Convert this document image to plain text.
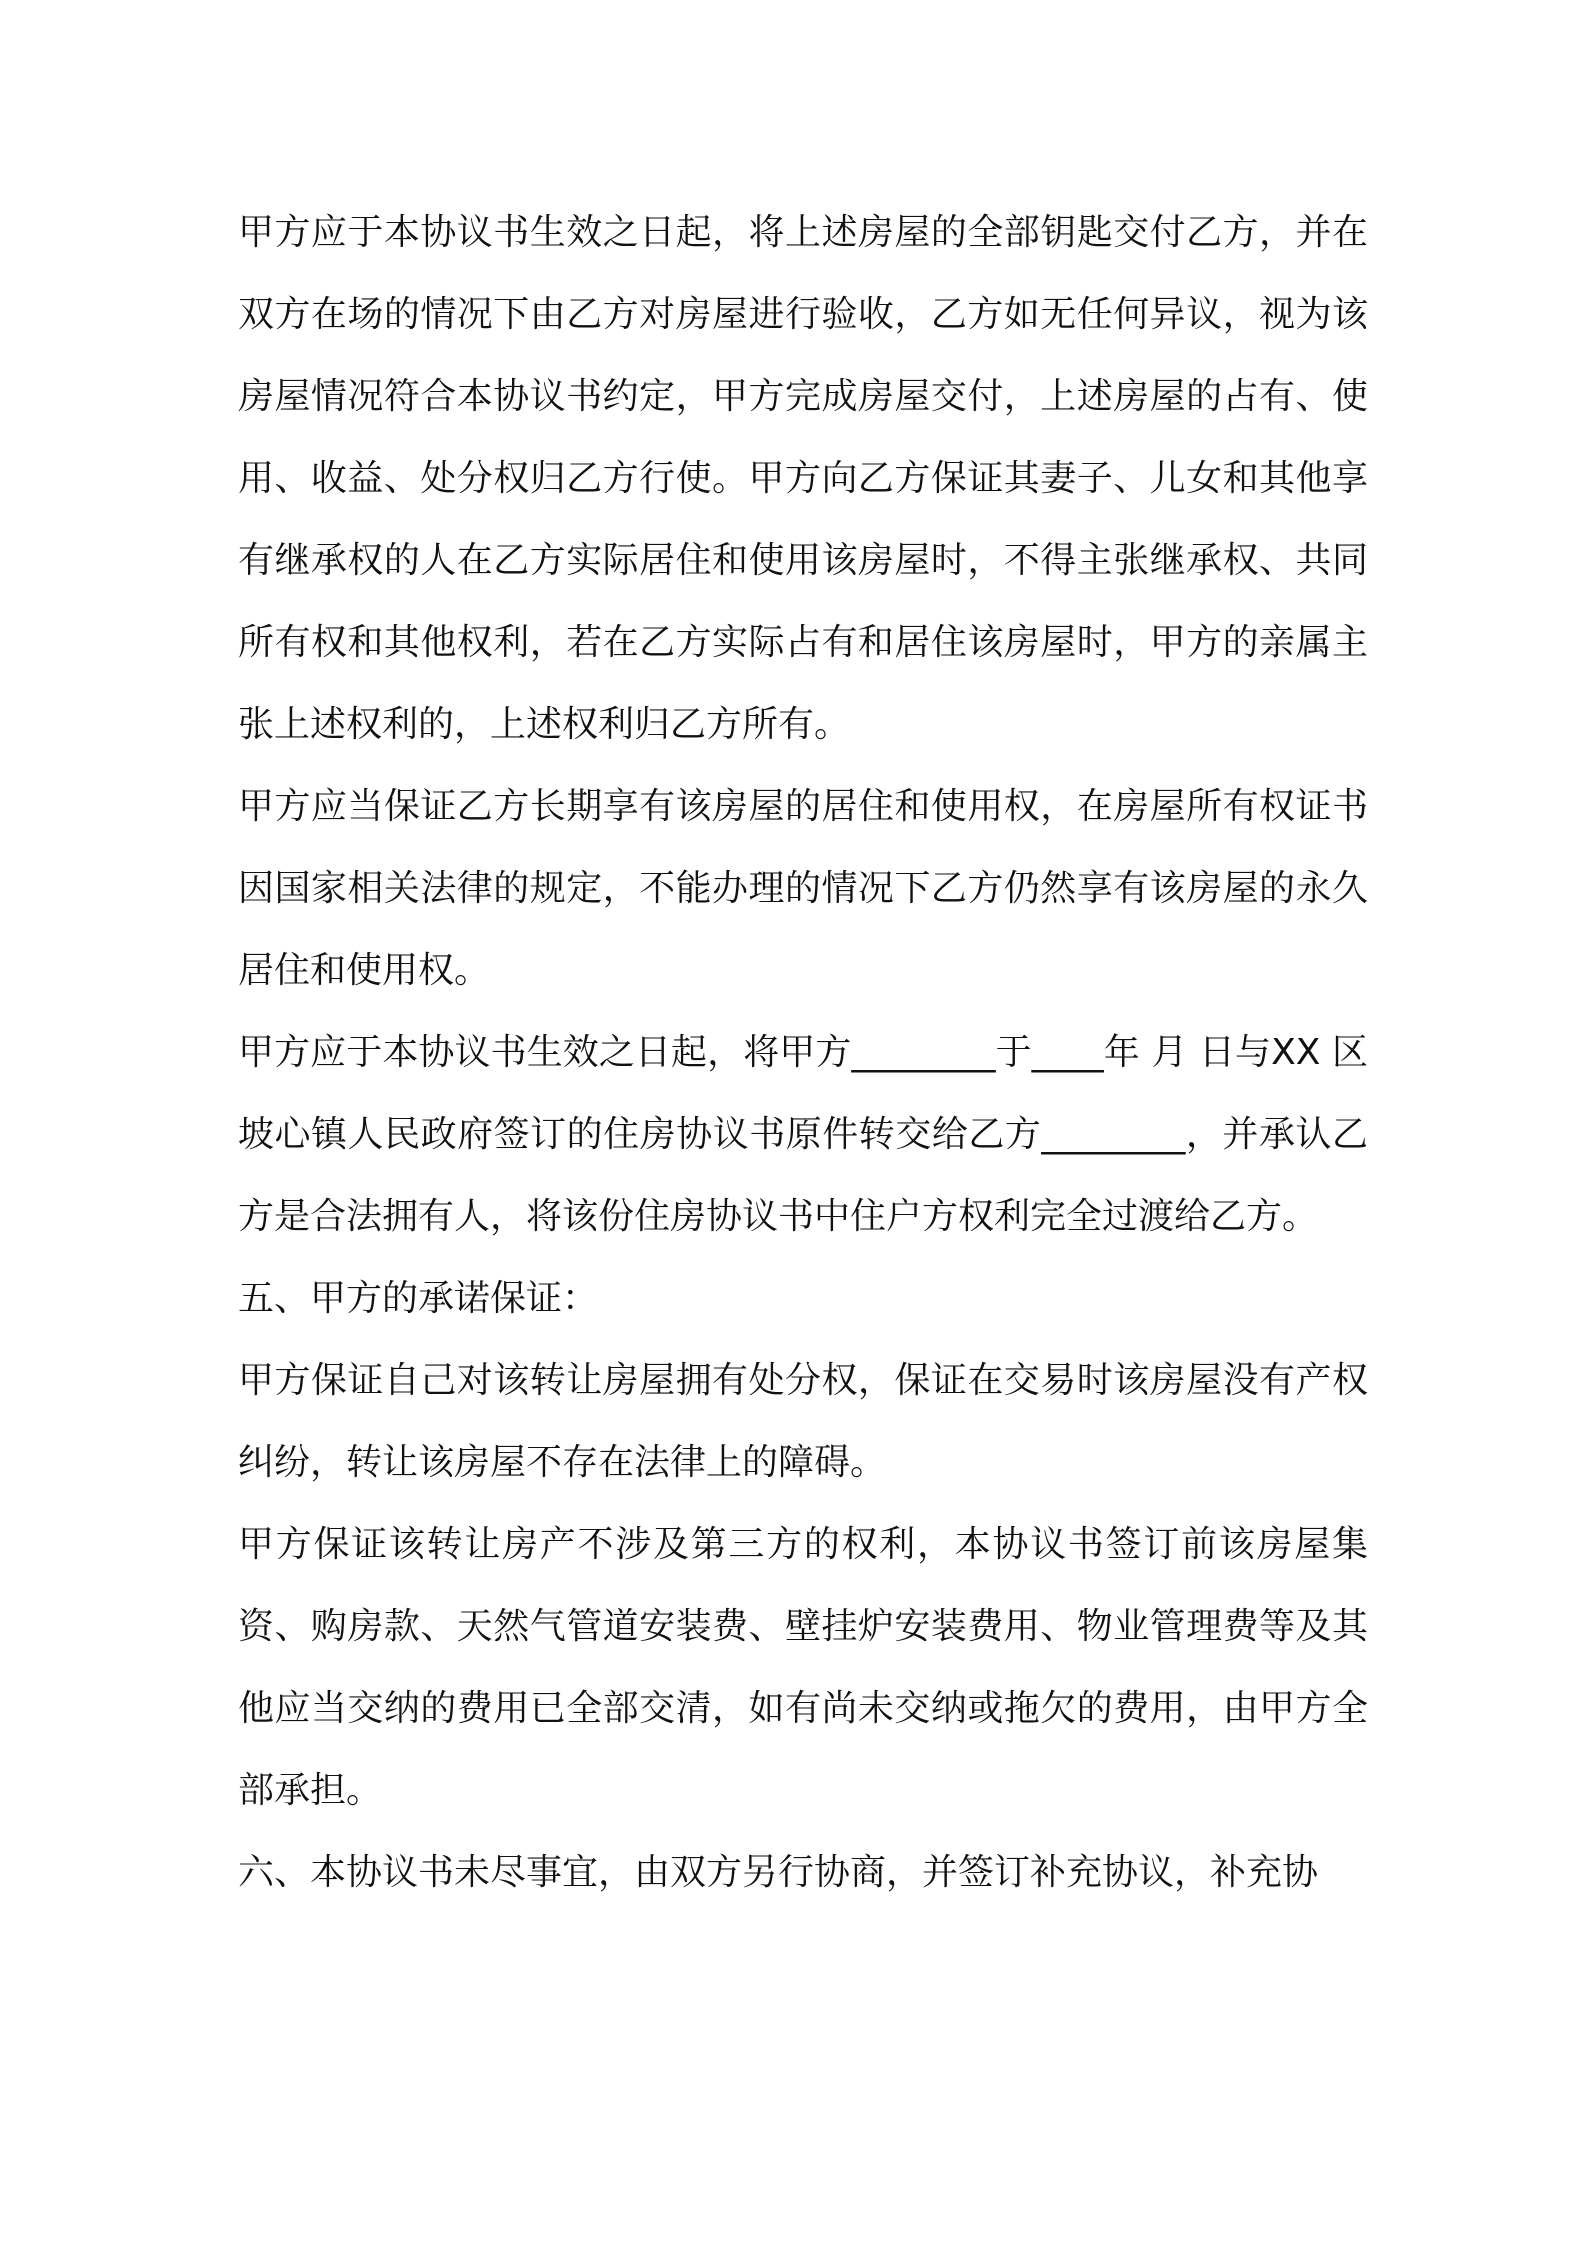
甲方应于本协议书生效之日起，将上述房屋的全部钥匙交付乙方，并在双方在场的情况下由乙方对房屋进行验收，乙方如无任何异议，视为该房屋情况符合本协议书约定，甲方完成房屋交付，上述房屋的占有、使用、收益、处分权归乙方行使。甲方向乙方保证其妻子、儿女和其他享有继承权的人在乙方实际居住和使用该房屋时，不得主张继承权、共同所有权和其他权利，若在乙方实际占有和居住该房屋时，甲方的亲属主张上述权利的，上述权利归乙方所有。

甲方应当保证乙方长期享有该房屋的居住和使用权，在房屋所有权证书因国家相关法律的规定，不能办理的情况下乙方仍然享有该房屋的永久居住和使用权。

甲方应于本协议书生效之日起，将甲方________于____年 月 日与XX 区坡心镇人民政府签订的住房协议书原件转交给乙方________，并承认乙方是合法拥有人，将该份住房协议书中住户方权利完全过渡给乙方。

五、甲方的承诺保证：

甲方保证自己对该转让房屋拥有处分权，保证在交易时该房屋没有产权纠纷，转让该房屋不存在法律上的障碍。

甲方保证该转让房产不涉及第三方的权利，本协议书签订前该房屋集资、购房款、天然气管道安装费、壁挂炉安装费用、物业管理费等及其他应当交纳的费用已全部交清，如有尚未交纳或拖欠的费用，由甲方全部承担。

六、本协议书未尽事宜，由双方另行协商，并签订补充协议，补充协
